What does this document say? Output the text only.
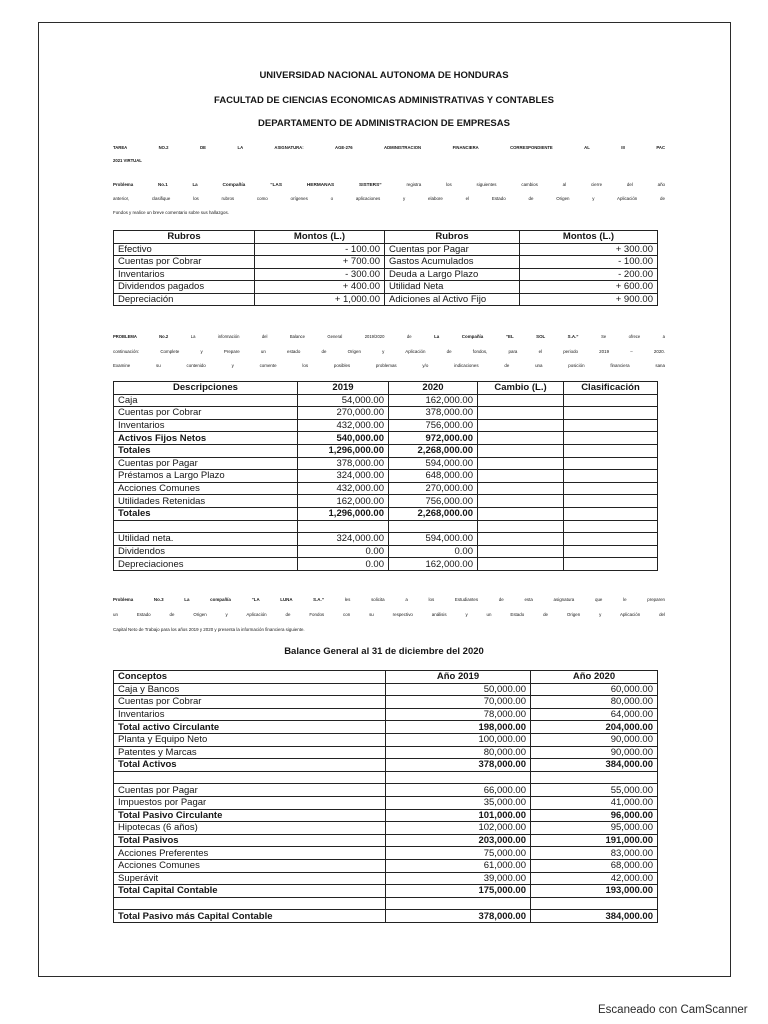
UNIVERSIDAD NACIONAL AUTONOMA DE HONDURAS
FACULTAD DE CIENCIAS ECONOMICAS ADMINISTRATIVAS Y CONTABLES
DEPARTAMENTO DE ADMINISTRACION DE EMPRESAS
TAREA NO.2 DE LA ASIGNATURA: AGE-276 ADMINISTRACION FINANCIERA CORRESPONDIENTE AL III PAC
2021 VIRTUAL
Problema No.1 La	Compañía “LAS HERMANAS SISTERS”	registra los siguientes cambios al cierre del año
anterior, clasifique los rubros como orígenes o aplicaciones y elabore el Estado de Origen y Aplicación de
Fondos y realice un breve comentario sobre sus hallazgos.
Rubros	Montos (L.)	Rubros	Montos (L.)
Efectivo	- 100.00	Cuentas por Pagar	+ 300.00
Cuentas por Cobrar	+ 700.00	Gastos Acumulados	- 100.00
Inventarios	- 300.00	Deuda a Largo Plazo	- 200.00
Dividendos pagados	+ 400.00	Utilidad Neta	+ 600.00
Depreciación	+ 1,000.00	Adiciones al Activo Fijo	+ 900.00
PROBLEMA No.2	La información del Balance General 2019/2020 de	La Compañía “EL SOL S.A.”	Se ofrece a
continuación: Complete y Prepare un estado de Origen y Aplicación de fondos, para el periodo 2019 – 2020.
Examine su contenido y comente los posibles problemas y/o indicaciones de una posición financiera sana
Descripciones	2019	2020	Cambio (L.)	Clasificación
Caja	54,000.00	162,000.00		
Cuentas por Cobrar	270,000.00	378,000.00		
Inventarios	432,000.00	756,000.00		
Activos Fijos Netos	540,000.00	972,000.00		
Totales	1,296,000.00	2,268,000.00		
Cuentas por Pagar	378,000.00	594,000.00		
Préstamos a Largo Plazo	324,000.00	648,000.00		
Acciones Comunes	432,000.00	270,000.00		
Utilidades Retenidas	162,000.00	756,000.00		
Totales	1,296,000.00	2,268,000.00		

Utilidad neta.	324,000.00	594,000.00		
Dividendos	0.00	0.00		
Depreciaciones	0.00	162,000.00		
Problema No.3 La compañía “LA LUNA S.A.”	les solicita a los Estudiantes de esta asignatura que le preparen
un Estado de Origen y Aplicación de Fondos con su respectivo análisis y un Estado de Origen y Aplicación del
Capital Neto de Trabajo para los años 2019 y 2020 y presenta la información financiera siguiente.
Balance General al 31 de diciembre del 2020
Conceptos	Año 2019	Año 2020
Caja y Bancos	50,000.00	60,000.00
Cuentas por Cobrar	70,000.00	80,000.00
Inventarios	78,000.00	64,000.00
Total activo Circulante	198,000.00	204,000.00
Planta y Equipo Neto	100,000.00	90,000.00
Patentes y Marcas	80,000.00	90,000.00
Total Activos	378,000.00	384,000.00

Cuentas por Pagar	66,000.00	55,000.00
Impuestos por Pagar	35,000.00	41,000.00
Total Pasivo Circulante	101,000.00	96,000.00
Hipotecas (6 años)	102,000.00	95,000.00
Total Pasivos	203,000.00	191,000.00
Acciones Preferentes	75,000.00	83,000.00
Acciones Comunes	61,000.00	68,000.00
Superávit	39,000.00	42,000.00
Total Capital Contable	175,000.00	193,000.00

Total Pasivo más Capital Contable	378,000.00	384,000.00
Escaneado con CamScanner
